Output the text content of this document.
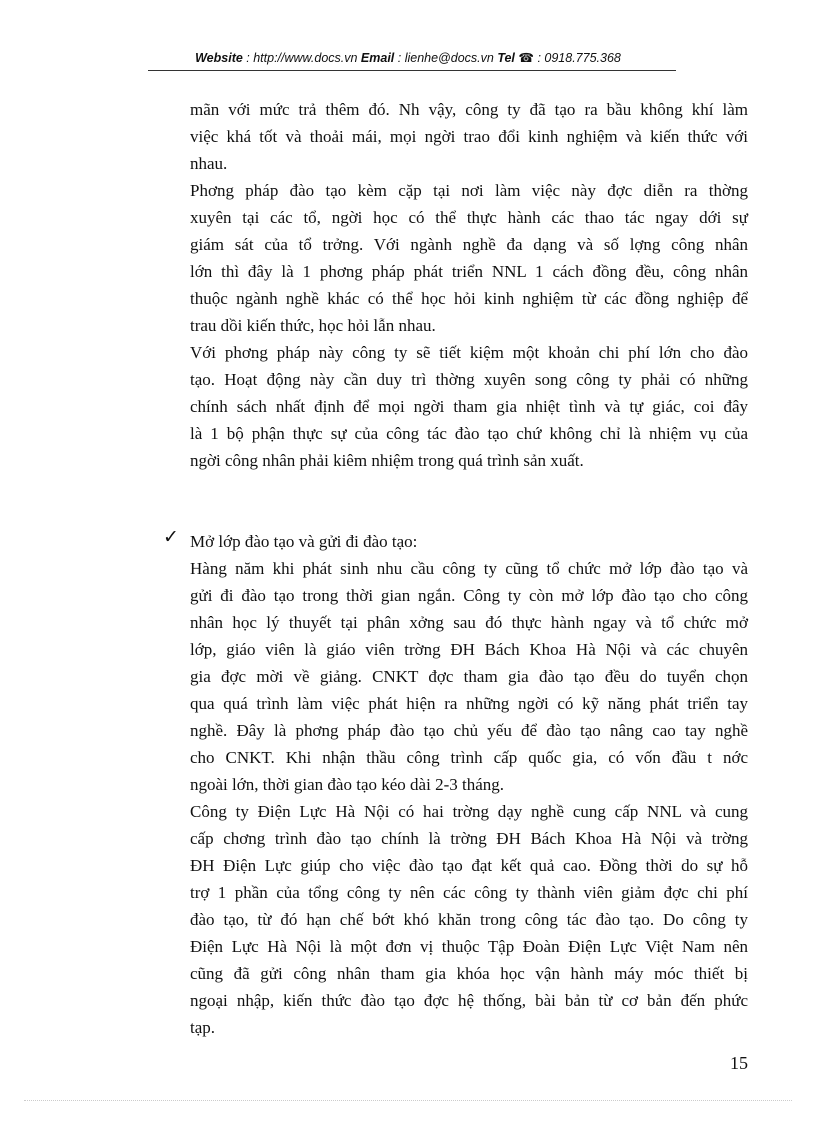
Website : http://www.docs.vn Email : lienhe@docs.vn Tel ☎ : 0918.775.368
mãn với mức trả thêm đó. Nh vậy, công ty đã tạo ra bầu không khí làm
việc khá tốt và thoải mái, mọi ngời trao đổi kinh nghiệm và kiến thức với
nhau.
Phơng pháp đào tạo kèm cặp tại nơi làm việc này đợc diễn ra thờng
xuyên tại các tổ, ngời học có thể thực hành các thao tác ngay dới sự
giám sát của tổ trởng. Với ngành nghề đa dạng và số lợng công nhân
lớn thì đây là 1 phơng pháp phát triển NNL 1 cách đồng đều, công nhân
thuộc ngành nghề khác có thể học hỏi kinh nghiệm từ các đồng nghiệp để
trau dồi kiến thức, học hỏi lẫn nhau.
Với phơng pháp này công ty sẽ tiết kiệm một khoản chi phí lớn cho đào
tạo. Hoạt động này cần duy trì thờng xuyên song công ty phải có những
chính sách nhất định để mọi ngời tham gia nhiệt tình và tự giác, coi đây
là 1 bộ phận thực sự của công tác đào tạo chứ không chỉ là nhiệm vụ của
ngời công nhân phải kiêm nhiệm trong quá trình sản xuất.
✓ Mở lớp đào tạo và gửi đi đào tạo:
Hàng năm khi phát sinh nhu cầu công ty cũng tổ chức mở lớp đào tạo và
gửi đi đào tạo trong thời gian ngắn. Công ty còn mở lớp đào tạo cho công
nhân học lý thuyết tại phân xởng sau đó thực hành ngay và tổ chức mở
lớp, giáo viên là giáo viên trờng ĐH Bách Khoa Hà Nội và các chuyên
gia đợc mời về giảng. CNKT đợc tham gia đào tạo đều do tuyển chọn
qua quá trình làm việc phát hiện ra những ngời có kỹ năng phát triển tay
nghề. Đây là phơng pháp đào tạo chủ yếu để đào tạo nâng cao tay nghề
cho CNKT. Khi nhận thầu công trình cấp quốc gia, có vốn đầu t nớc
ngoài lớn, thời gian đào tạo kéo dài 2-3 tháng.
Công ty Điện Lực Hà Nội có hai trờng dạy nghề cung cấp NNL và cung
cấp chơng trình đào tạo chính là trờng ĐH Bách Khoa Hà Nội và trờng
ĐH Điện Lực giúp cho việc đào tạo đạt kết quả cao. Đồng thời do sự hỗ
trợ 1 phần của tổng công ty nên các công ty thành viên giảm đợc chi phí
đào tạo, từ đó hạn chế bớt khó khăn trong công tác đào tạo. Do công ty
Điện Lực Hà Nội là một đơn vị thuộc Tập Đoàn Điện Lực Việt Nam nên
cũng đã gửi công nhân tham gia khóa học vận hành máy móc thiết bị
ngoại nhập, kiến thức đào tạo đợc hệ thống, bài bản từ cơ bản đến phức
tạp.
15
